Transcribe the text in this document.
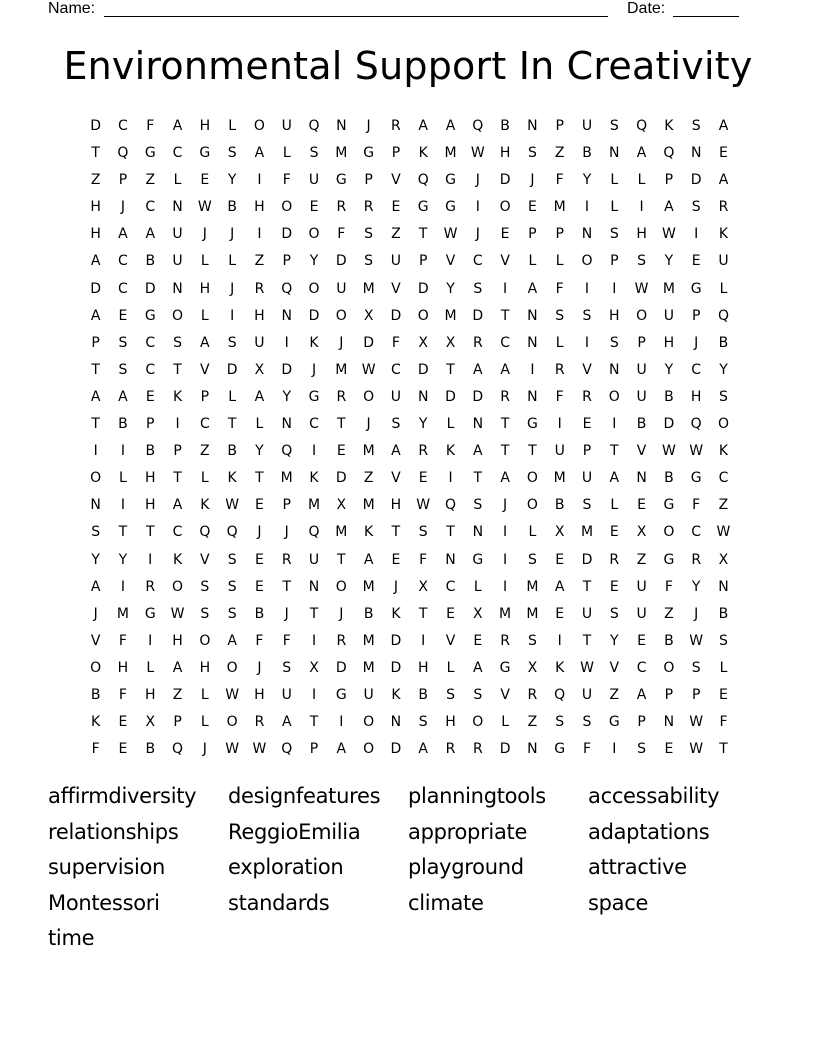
Name:	Date:
Environmental Support In Creativity
D	C	F	A	H	L	O	U	Q	N	J	R	A	A	Q	B	N	P	U	S	Q	K	S	A
T	Q	G	C	G	S	A	L	S	M	G	P	K	M	W	H	S	Z	B	N	A	Q	N	E
Z	P	Z	L	E	Y	I	F	U	G	P	V	Q	G	J	D	J	F	Y	L	L	P	D	A
H	J	C	N	W	B	H	O	E	R	R	E	G	G	I	O	E	M	I	L	I	A	S	R
H	A	A	U	J	J	I	D	O	F	S	Z	T	W	J	E	P	P	N	S	H	W	I	K
A	C	B	U	L	L	Z	P	Y	D	S	U	P	V	C	V	L	L	O	P	S	Y	E	U
D	C	D	N	H	J	R	Q	O	U	M	V	D	Y	S	I	A	F	I	I	W	M	G	L
A	E	G	O	L	I	H	N	D	O	X	D	O	M	D	T	N	S	S	H	O	U	P	Q
P	S	C	S	A	S	U	I	K	J	D	F	X	X	R	C	N	L	I	S	P	H	J	B
T	S	C	T	V	D	X	D	J	M	W	C	D	T	A	A	I	R	V	N	U	Y	C	Y
A	A	E	K	P	L	A	Y	G	R	O	U	N	D	D	R	N	F	R	O	U	B	H	S
T	B	P	I	C	T	L	N	C	T	J	S	Y	L	N	T	G	I	E	I	B	D	Q	O
I	I	B	P	Z	B	Y	Q	I	E	M	A	R	K	A	T	T	U	P	T	V	W W	K
O	L	H	T	L	K	T	M	K	D	Z	V	E	I	T	A	O	M	U	A	N	B	G	C
N	I	H	A	K	W	E	P	M	X	M	H	W	Q	S	J	O	B	S	L	E	G	F	Z
S	T	T	C	Q	Q	J	J	Q	M	K	T	S	T	N	I	L	X	M	E	X	O	C	W
Y	Y	I	K	V	S	E	R	U	T	A	E	F	N	G	I	S	E	D	R	Z	G	R	X
A	I	R	O	S	S	E	T	N	O	M	J	X	C	L	I	M	A	T	E	U	F	Y	N
J	M	G	W	S	S	B	J	T	J	B	K	T	E	X	M	M	E	U	S	U	Z	J	B
V	F	I	H	O	A	F	F	I	R	M	D	I	V	E	R	S	I	T	Y	E	B	W	S
O	H	L	A	H	O	J	S	X	D	M	D	H	L	A	G	X	K	W	V	C	O	S	L
B	F	H	Z	L	W	H	U	I	G	U	K	B	S	S	V	R	Q	U	Z	A	P	P	E
K	E	X	P	L	O	R	A	T	I	O	N	S	H	O	L	Z	S	S	G	P	N	W	F
F	E	B	Q	J	W W	Q	P	A	O	D	A	R	R	D	N	G	F	I	S	E	W	T
affirmdiversity	designfeatures	planningtools	accessability
relationships	ReggioEmilia	appropriate	adaptations
supervision	exploration	playground	attractive
Montessori	standards	climate	space
time
